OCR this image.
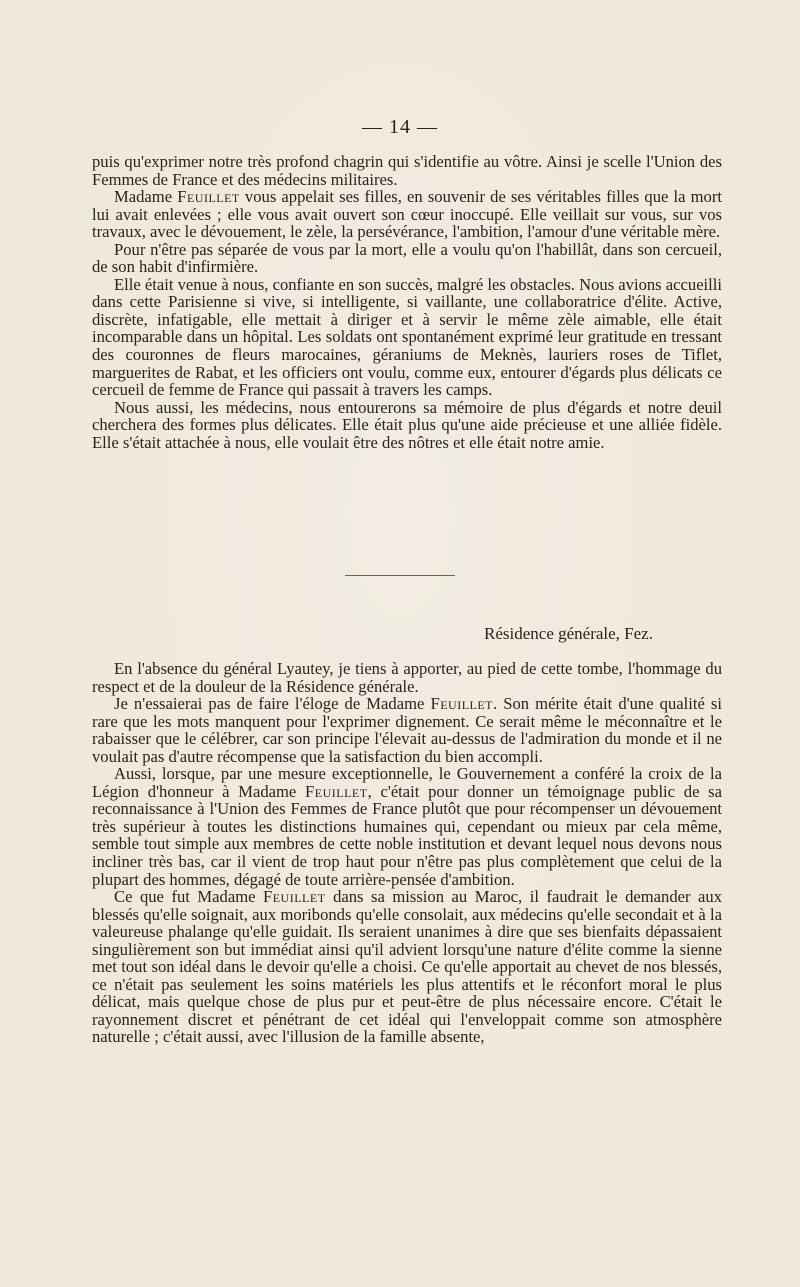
— 14 —

puis qu'exprimer notre très profond chagrin qui s'identifie au vôtre. Ainsi je scelle l'Union des Femmes de France et des médecins militaires.

Madame Feuillet vous appelait ses filles, en souvenir de ses véritables filles que la mort lui avait enlevées ; elle vous avait ouvert son cœur inoccupé. Elle veillait sur vous, sur vos travaux, avec le dévouement, le zèle, la persévérance, l'ambition, l'amour d'une véritable mère.

Pour n'être pas séparée de vous par la mort, elle a voulu qu'on l'habillât, dans son cercueil, de son habit d'infirmière.

Elle était venue à nous, confiante en son succès, malgré les obstacles. Nous avions accueilli dans cette Parisienne si vive, si intelligente, si vaillante, une collaboratrice d'élite. Active, discrète, infatigable, elle mettait à diriger et à servir le même zèle aimable, elle était incomparable dans un hôpital. Les soldats ont spontanément exprimé leur gratitude en tressant des couronnes de fleurs marocaines, géraniums de Meknès, lauriers roses de Tiflet, marguerites de Rabat, et les officiers ont voulu, comme eux, entourer d'égards plus délicats ce cercueil de femme de France qui passait à travers les camps.

Nous aussi, les médecins, nous entourerons sa mémoire de plus d'égards et notre deuil cherchera des formes plus délicates. Elle était plus qu'une aide précieuse et une alliée fidèle. Elle s'était attachée à nous, elle voulait être des nôtres et elle était notre amie.

Résidence générale, Fez.

En l'absence du général Lyautey, je tiens à apporter, au pied de cette tombe, l'hommage du respect et de la douleur de la Résidence générale.

Je n'essaierai pas de faire l'éloge de Madame Feuillet. Son mérite était d'une qualité si rare que les mots manquent pour l'exprimer dignement. Ce serait même le méconnaître et le rabaisser que le célébrer, car son principe l'élevait au-dessus de l'admiration du monde et il ne voulait pas d'autre récompense que la satisfaction du bien accompli.

Aussi, lorsque, par une mesure exceptionnelle, le Gouvernement a conféré la croix de la Légion d'honneur à Madame Feuillet, c'était pour donner un témoignage public de sa reconnaissance à l'Union des Femmes de France plutôt que pour récompenser un dévouement très supérieur à toutes les distinctions humaines qui, cependant ou mieux par cela même, semble tout simple aux membres de cette noble institution et devant lequel nous devons nous incliner très bas, car il vient de trop haut pour n'être pas plus complètement que celui de la plupart des hommes, dégagé de toute arrière-pensée d'ambition.

Ce que fut Madame Feuillet dans sa mission au Maroc, il faudrait le demander aux blessés qu'elle soignait, aux moribonds qu'elle consolait, aux médecins qu'elle secondait et à la valeureuse phalange qu'elle guidait. Ils seraient unanimes à dire que ses bienfaits dépassaient singulièrement son but immédiat ainsi qu'il advient lorsqu'une nature d'élite comme la sienne met tout son idéal dans le devoir qu'elle a choisi. Ce qu'elle apportait au chevet de nos blessés, ce n'était pas seulement les soins matériels les plus attentifs et le réconfort moral le plus délicat, mais quelque chose de plus pur et peut-être de plus nécessaire encore. C'était le rayonnement discret et pénétrant de cet idéal qui l'enveloppait comme son atmosphère naturelle ; c'était aussi, avec l'illusion de la famille absente,
